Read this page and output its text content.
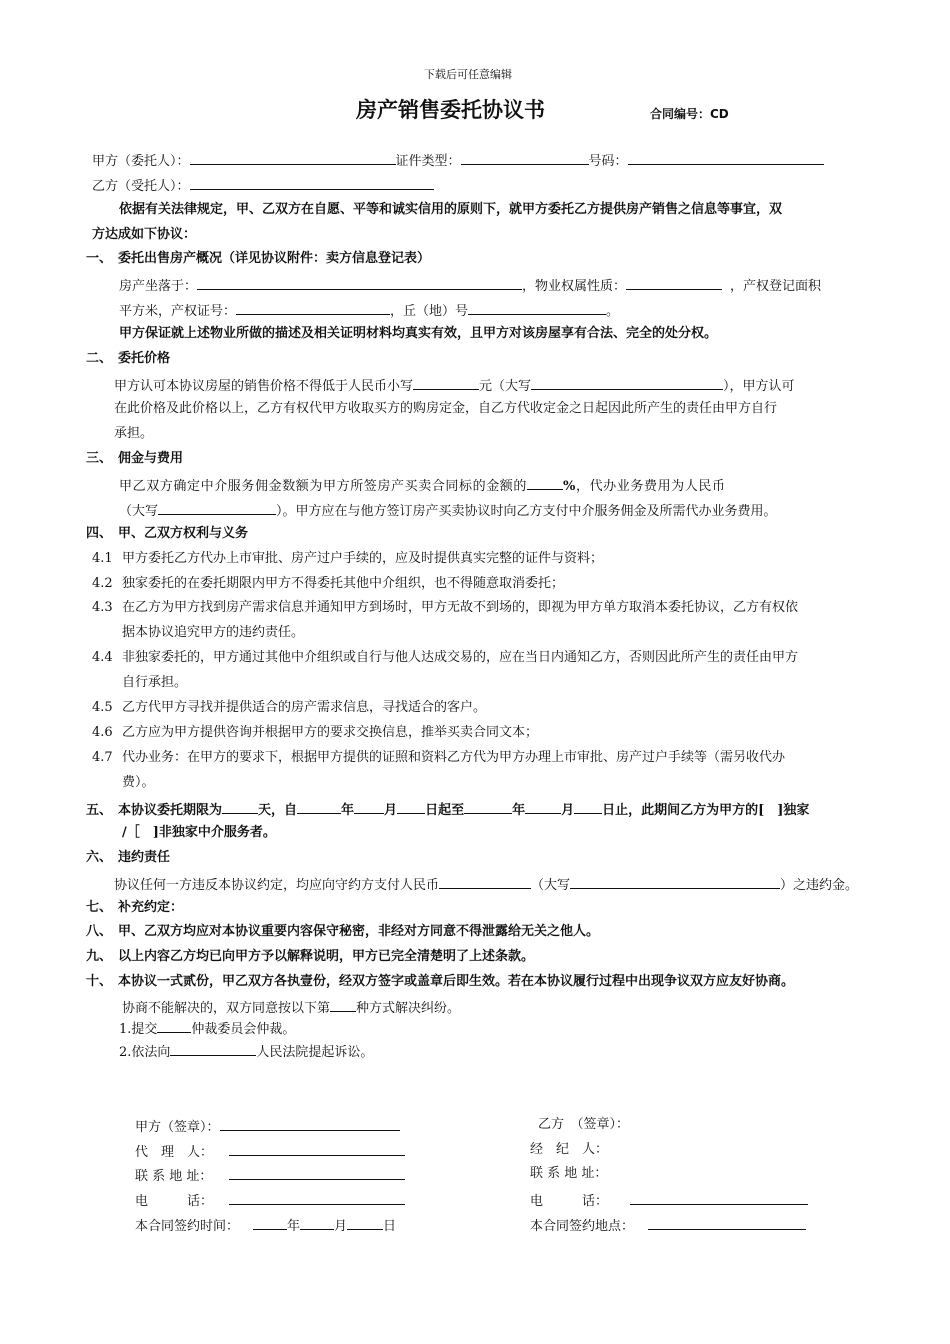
下载后可任意编辑
房产销售委托协议书	合同编号：CD
甲方（委托人）：	证件类型：	号码：
乙方（受托人）：
依据有关法律规定，甲、乙双方在自愿、平等和诚实信用的原则下，就甲方委托乙方提供房产销售之信息等事宜，双
方达成如下协议：
一、 委托出售房产概况（详见协议附件：卖方信息登记表）
房产坐落于：	，物业权属性质：	，产权登记面积
平方米，产权证号：	，丘（地）号	。
甲方保证就上述物业所做的描述及相关证明材料均真实有效，且甲方对该房屋享有合法、完全的处分权。
二、 委托价格
甲方认可本协议房屋的销售价格不得低于人民币小写	元（大写	），甲方认可
在此价格及此价格以上，乙方有权代甲方收取买方的购房定金，自乙方代收定金之日起因此所产生的责任由甲方自行
承担。
三、 佣金与费用
甲乙双方确定中介服务佣金数额为甲方所签房产买卖合同标的金额的	%，代办业务费用为人民币
（大写	）。甲方应在与他方签订房产买卖协议时向乙方支付中介服务佣金及所需代办业务费用。
四、 甲、乙双方权利与义务
4.1 甲方委托乙方代办上市审批、房产过户手续的，应及时提供真实完整的证件与资料；
4.2 独家委托的在委托期限内甲方不得委托其他中介组织，也不得随意取消委托；
4.3 在乙方为甲方找到房产需求信息并通知甲方到场时，甲方无故不到场的，即视为甲方单方取消本委托协议，乙方有权依
据本协议追究甲方的违约责任。
4.4 非独家委托的，甲方通过其他中介组织或自行与他人达成交易的，应在当日内通知乙方，否则因此所产生的责任由甲方
自行承担。
4.5 乙方代甲方寻找并提供适合的房产需求信息，寻找适合的客户。
4.6 乙方应为甲方提供咨询并根据甲方的要求交换信息，推举买卖合同文本；
4.7 代办业务：在甲方的要求下，根据甲方提供的证照和资料乙方代为甲方办理上市审批、房产过户手续等（需另收代办
费）。
五、 本协议委托期限为	天，自	年 月 日起至	年	月 日止，此期间乙方为甲方的[　]独家
/［　]非独家中介服务者。
六、 违约责任
协议任何一方违反本协议约定，均应向守约方支付人民币	（大写	）之违约金。
七、 补充约定：
八、 甲、乙双方均应对本协议重要内容保守秘密，非经对方同意不得泄露给无关之他人。
九、 以上内容乙方均已向甲方予以解释说明，甲方已完全清楚明了上述条款。
十、 本协议一式贰份，甲乙双方各执壹份，经双方签字或盖章后即生效。若在本协议履行过程中出现争议双方应友好协商。
协商不能解决的，双方同意按以下第 种方式解决纠纷。
1.提交	仲裁委员会仲裁。
2.依法向	人民法院提起诉讼。
甲方（签章）：
代　理　人：
联 系 地 址：
电　　　话：
本合同签约时间：	年	月	日
乙方　（签章）：
经　纪　人：
联 系 地 址：
电　　　话：
本合同签约地点：
